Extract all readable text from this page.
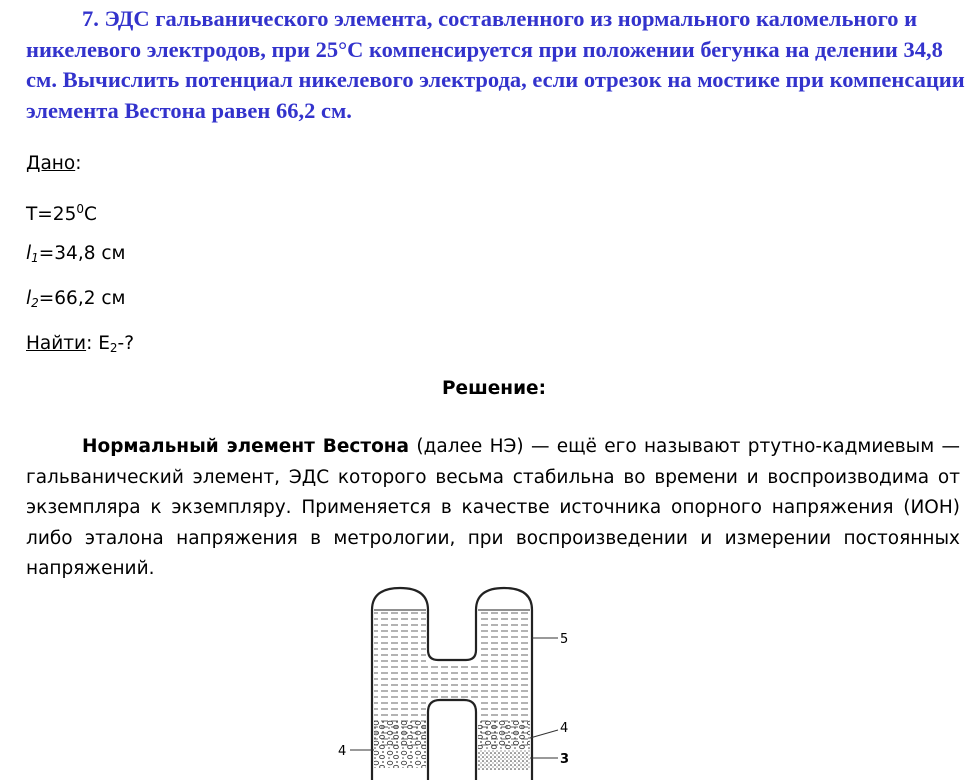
7. ЭДС гальванического элемента, составленного из нормального каломельного и никелевого электродов, при 25°С компенсируется при положении бегунка на делении 34,8 см. Вычислить потенциал никелевого электрода, если отрезок на мостике при компенсации элемента Вестона равен 66,2 см.

Дано:
$T=25^0C$
$l_1=34,8$ см
$l_2=66,2$ см
Найти: $E_2-$?
Решение:

Нормальный элемент Вестона (далее НЭ) — ещё его называют ртутно-кадмиевым — гальванический элемент, ЭДС которого весьма стабильна во времени и воспроизводима от экземпляра к экземпляру. Применяется в качестве источника опорного напряжения (ИОН) либо эталона напряжения в метрологии, при воспроизведении и измерении постоянных напряжений.

5
4
4
3
